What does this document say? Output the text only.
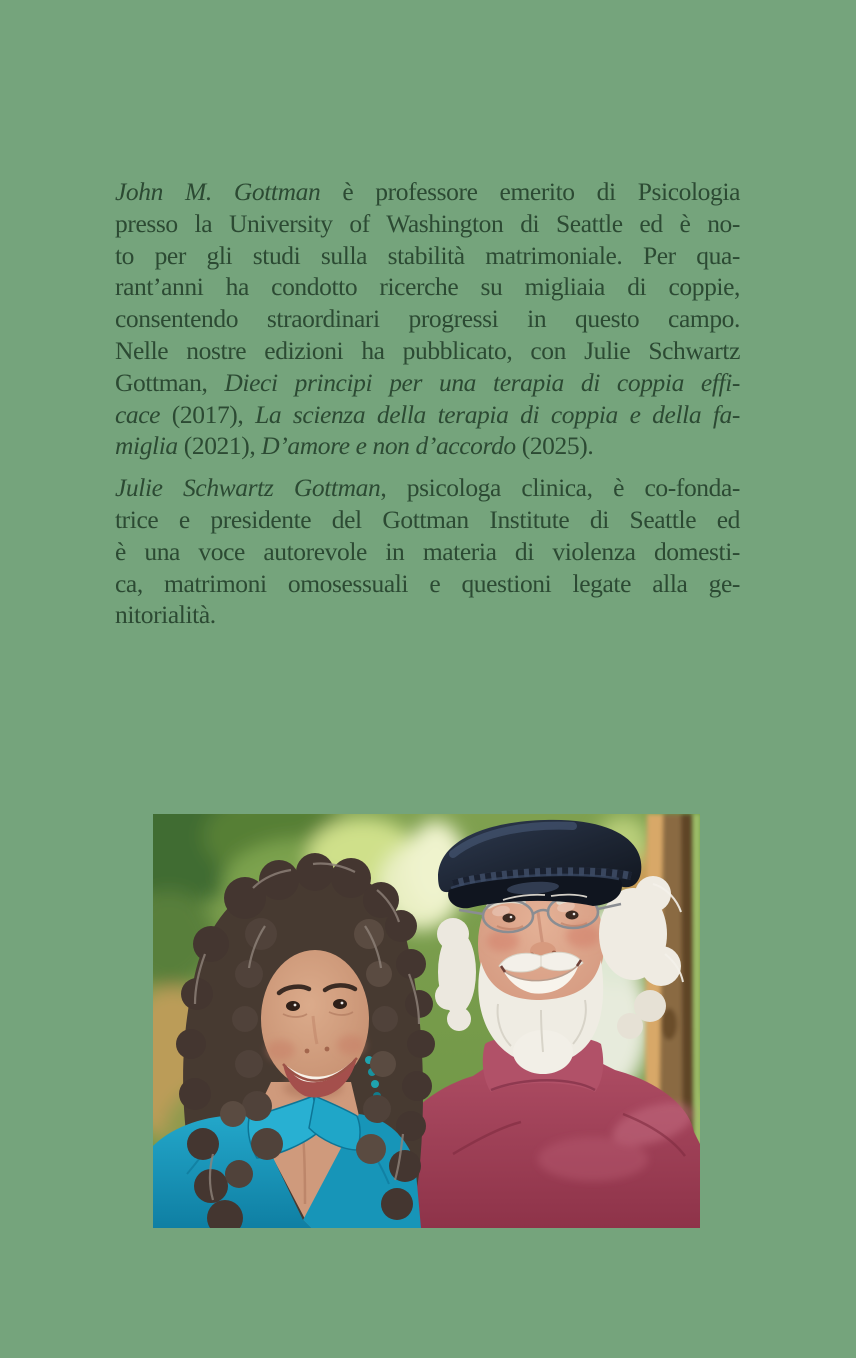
John M. Gottman è professore emerito di Psicologia
presso la University of Washington di Seattle ed è no-
to per gli studi sulla stabilità matrimoniale. Per qua-
rant’anni ha condotto ricerche su migliaia di coppie,
consentendo straordinari progressi in questo campo.
Nelle nostre edizioni ha pubblicato, con Julie Schwartz
Gottman, Dieci principi per una terapia di coppia effi-
cace (2017), La scienza della terapia di coppia e della fa-
miglia (2021), D’amore e non d’accordo (2025).
Julie Schwartz Gottman, psicologa clinica, è co-fonda-
trice e presidente del Gottman Institute di Seattle ed
è una voce autorevole in materia di violenza domesti-
ca, matrimoni omosessuali e questioni legate alla ge-
nitorialità.
